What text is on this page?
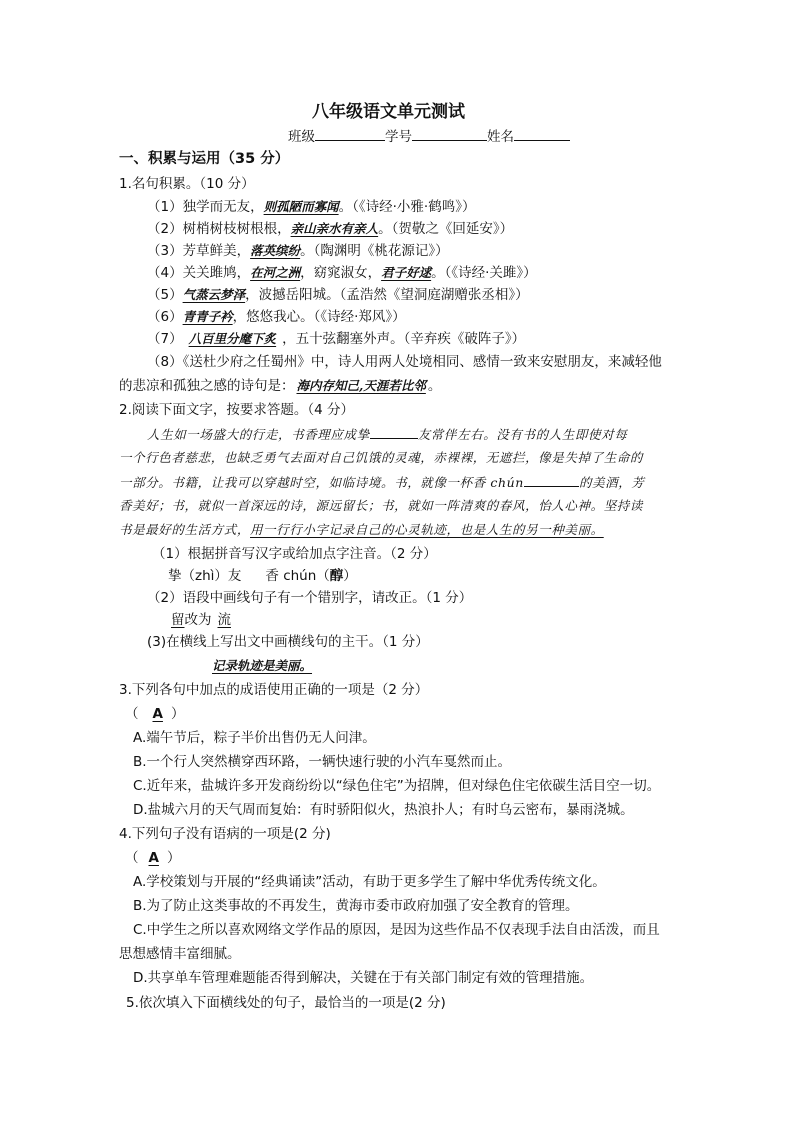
八年级语文单元测试
班级	学号	姓名
一、积累与运用（35 分）
1.名句积累。（10 分）
（1）独学而无友，则孤陋而寡闻。（《诗经·小雅·鹤鸣》）
（2）树梢树枝树根根，亲山亲水有亲人。（贺敬之《回延安》）
（3）芳草鲜美，落英缤纷。（陶渊明《桃花源记》）
（4）关关雎鸠，在河之洲，窈窕淑女，君子好逑。（《诗经·关雎》）
（5）气蒸云梦泽，波撼岳阳城。（孟浩然《望洞庭湖赠张丞相》）
（6）青青子衿，悠悠我心。（《诗经·郑风》）
（7） 八百里分麾下炙 ，五十弦翻塞外声。（辛弃疾《破阵子》）
（8）《送杜少府之任蜀州》中，诗人用两人处境相同、感情一致来安慰朋友，来减轻他
的悲凉和孤独之感的诗句是： 海内存知己,天涯若比邻 。
2.阅读下面文字，按要求答题。（4 分）
人生如一场盛大的行走，书香理应成挚	友常伴左右。没有书的人生即使对每
一个行色者慈悲，也缺乏勇气去面对自己饥饿的灵魂，赤裸裸，无遮拦，像是失掉了生命的
一部分。书籍，让我可以穿越时空，如临诗境。书，就像一杯香 chún	的美酒，芳
香美好；书，就似一首深远的诗，源远留长；书，就如一阵清爽的春风，怡人心神。坚持读
书是最好的生活方式，用一行行小字记录自己的心灵轨迹，也是人生的另一种美丽。
（1）根据拼音写汉字或给加点字注音。（2 分）
挚（zhì）友 香 chún（醇）
（2）语段中画线句子有一个错别字，请改正。（1 分）
留改为 流
(3)在横线上写出文中画横线句的主干。（1 分）
记录轨迹是美丽。
3.下列各句中加点的成语使用正确的一项是（2 分）
（ A ）
A.端午节后，粽子半价出售仍无人问津。
B.一个行人突然横穿西环路，一辆快速行驶的小汽车戛然而止。
C.近年来，盐城许多开发商纷纷以“绿色住宅”为招牌，但对绿色住宅依碳生活目空一切。
D.盐城六月的天气周而复始：有时骄阳似火，热浪扑人；有时乌云密布，暴雨浇城。
4.下列句子没有语病的一项是(2 分)
（ A ）
A.学校策划与开展的“经典诵读”活动，有助于更多学生了解中华优秀传统文化。
B.为了防止这类事故的不再发生，黄海市委市政府加强了安全教育的管理。
C.中学生之所以喜欢网络文学作品的原因，是因为这些作品不仅表现手法自由活泼，而且
思想感情丰富细腻。
D.共享单车管理难题能否得到解决，关键在于有关部门制定有效的管理措施。
5.依次填入下面横线处的句子，最恰当的一项是(2 分)
